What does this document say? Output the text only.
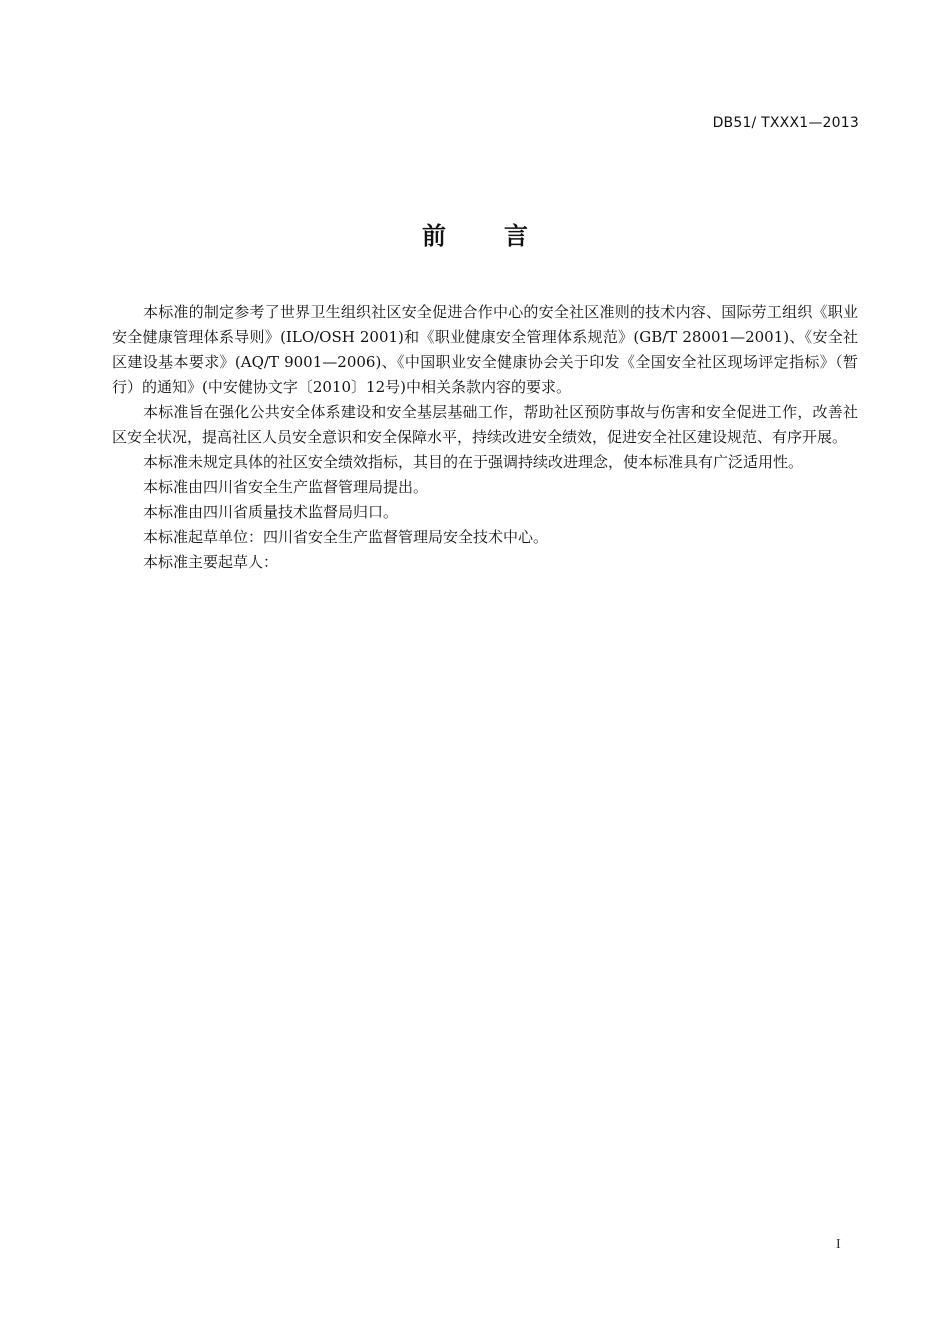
DB51/ TXXX1—2013
前 言

本标准的制定参考了世界卫生组织社区安全促进合作中心的安全社区准则的技术内容、国际劳工组织《职业安全健康管理体系导则》(ILO/OSH 2001)和《职业健康安全管理体系规范》(GB/T 28001—2001)、《安全社区建设基本要求》(AQ/T 9001—2006)、《中国职业安全健康协会关于印发《全国安全社区现场评定指标》（暂行）的通知》(中安健协文字〔2010〕12号)中相关条款内容的要求。

本标准旨在强化公共安全体系建设和安全基层基础工作，帮助社区预防事故与伤害和安全促进工作，改善社区安全状况，提高社区人员安全意识和安全保障水平，持续改进安全绩效，促进安全社区建设规范、有序开展。

本标准未规定具体的社区安全绩效指标，其目的在于强调持续改进理念，使本标准具有广泛适用性。

本标准由四川省安全生产监督管理局提出。

本标准由四川省质量技术监督局归口。

本标准起草单位：四川省安全生产监督管理局安全技术中心。

本标准主要起草人：

I
